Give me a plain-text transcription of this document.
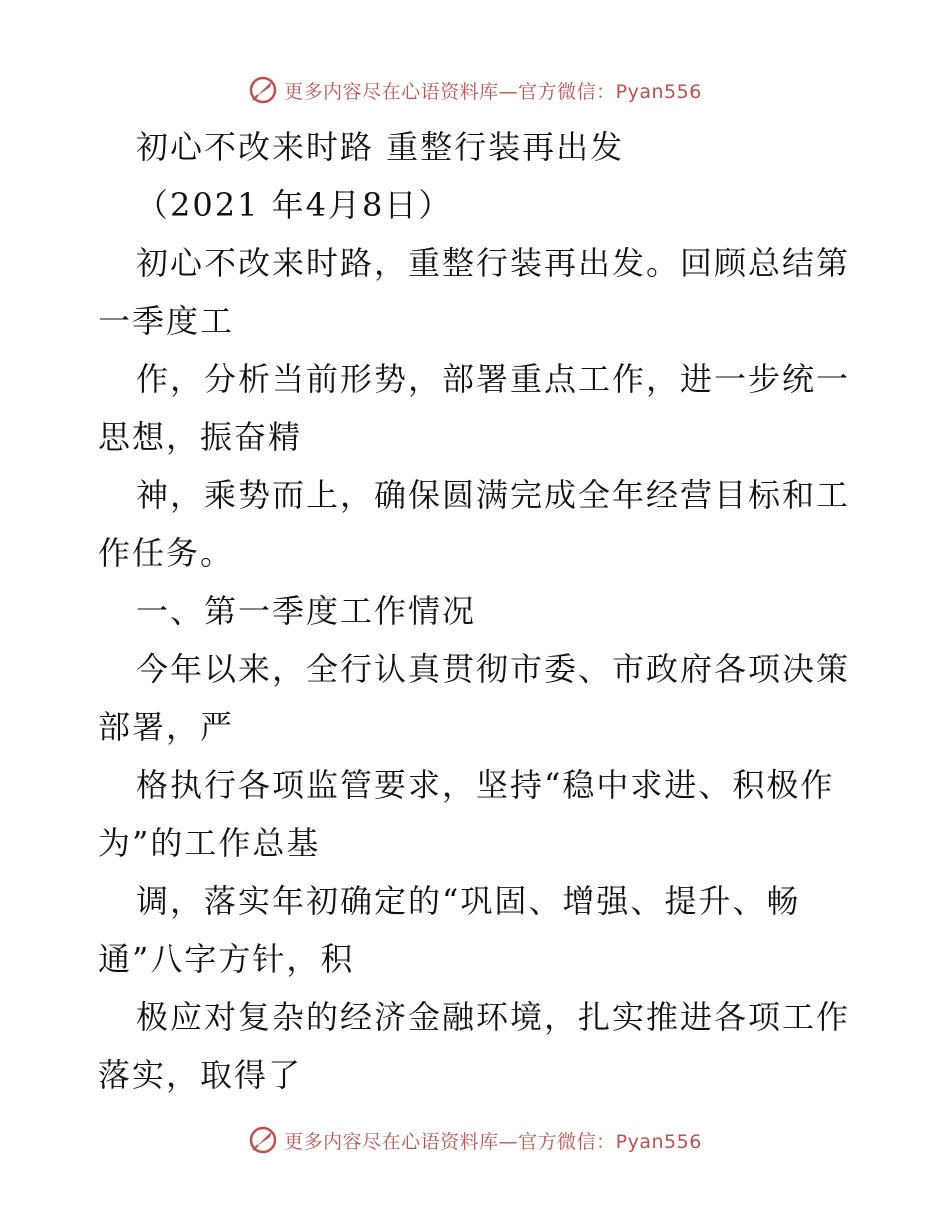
更多内容尽在心语资料库—官方微信：Pyan556
初心不改来时路 重整行装再出发
（2021 年4月8日）
初心不改来时路，重整行装再出发。回顾总结第
一季度工
作，分析当前形势，部署重点工作，进一步统一
思想，振奋精
神，乘势而上，确保圆满完成全年经营目标和工
作任务。
一、第一季度工作情况
今年以来，全行认真贯彻市委、市政府各项决策
部署，严
格执行各项监管要求，坚持“稳中求进、积极作
为”的工作总基
调，落实年初确定的“巩固、增强、提升、畅
通”八字方针，积
极应对复杂的经济金融环境，扎实推进各项工作
落实，取得了
更多内容尽在心语资料库—官方微信：Pyan556
